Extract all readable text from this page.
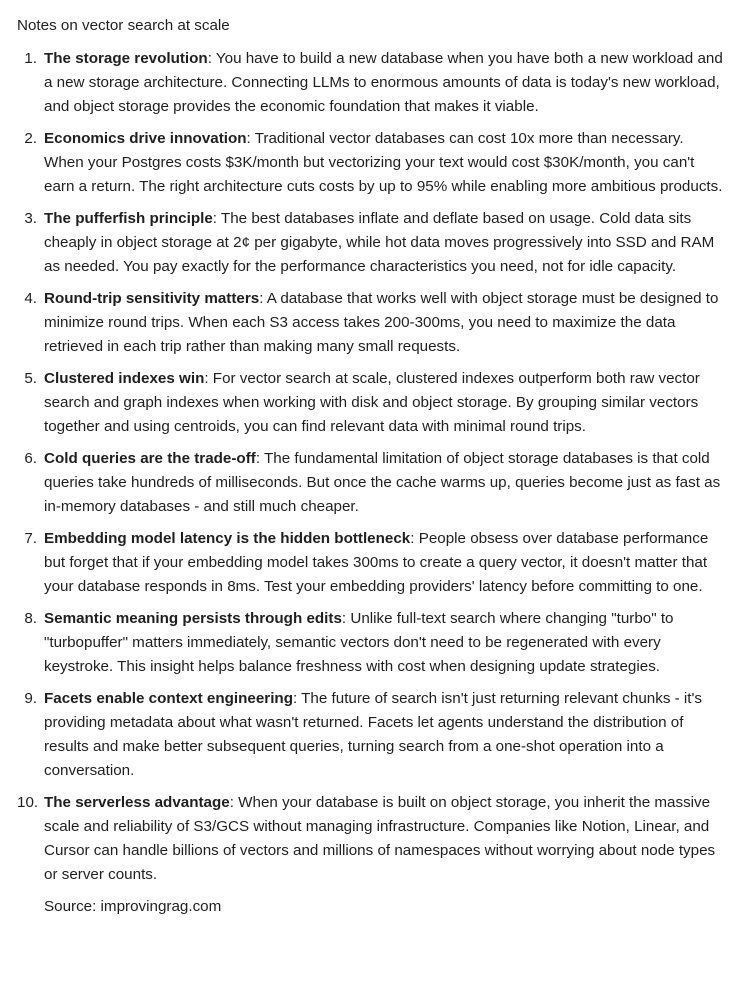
Notes on vector search at scale
1. The storage revolution: You have to build a new database when you have both a new workload and a new storage architecture. Connecting LLMs to enormous amounts of data is today's new workload, and object storage provides the economic foundation that makes it viable.
2. Economics drive innovation: Traditional vector databases can cost 10x more than necessary. When your Postgres costs $3K/month but vectorizing your text would cost $30K/month, you can't earn a return. The right architecture cuts costs by up to 95% while enabling more ambitious products.
3. The pufferfish principle: The best databases inflate and deflate based on usage. Cold data sits cheaply in object storage at 2¢ per gigabyte, while hot data moves progressively into SSD and RAM as needed. You pay exactly for the performance characteristics you need, not for idle capacity.
4. Round-trip sensitivity matters: A database that works well with object storage must be designed to minimize round trips. When each S3 access takes 200-300ms, you need to maximize the data retrieved in each trip rather than making many small requests.
5. Clustered indexes win: For vector search at scale, clustered indexes outperform both raw vector search and graph indexes when working with disk and object storage. By grouping similar vectors together and using centroids, you can find relevant data with minimal round trips.
6. Cold queries are the trade-off: The fundamental limitation of object storage databases is that cold queries take hundreds of milliseconds. But once the cache warms up, queries become just as fast as in-memory databases - and still much cheaper.
7. Embedding model latency is the hidden bottleneck: People obsess over database performance but forget that if your embedding model takes 300ms to create a query vector, it doesn't matter that your database responds in 8ms. Test your embedding providers' latency before committing to one.
8. Semantic meaning persists through edits: Unlike full-text search where changing "turbo" to "turbopuffer" matters immediately, semantic vectors don't need to be regenerated with every keystroke. This insight helps balance freshness with cost when designing update strategies.
9. Facets enable context engineering: The future of search isn't just returning relevant chunks - it's providing metadata about what wasn't returned. Facets let agents understand the distribution of results and make better subsequent queries, turning search from a one-shot operation into a conversation.
10. The serverless advantage: When your database is built on object storage, you inherit the massive scale and reliability of S3/GCS without managing infrastructure. Companies like Notion, Linear, and Cursor can handle billions of vectors and millions of namespaces without worrying about node types or server counts.
Source: improvingrag.com
